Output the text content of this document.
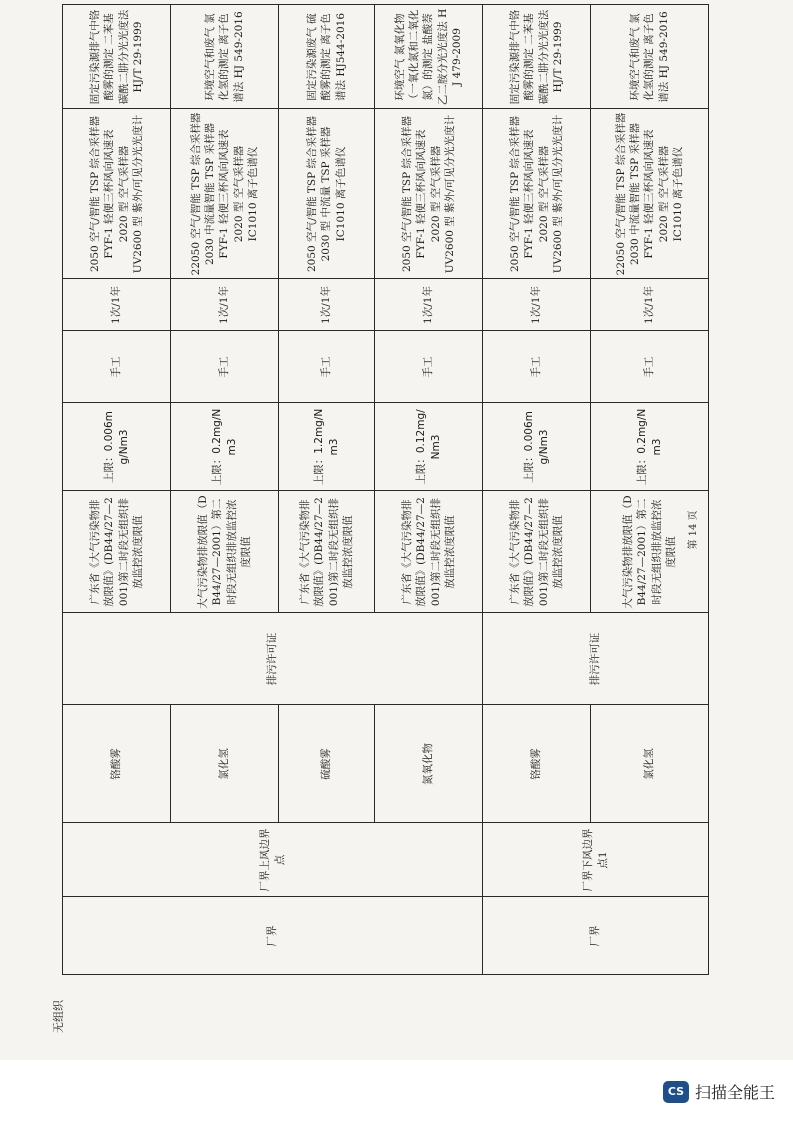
无组织
	厂界	厂界上风边界点	铬酸雾	排污许可证	广东省《大气污染物排放限值》(DB44/27—2001)第二时段无组织排放监控浓度限值	上限：0.006mg/Nm3	手工	1次/1年	2050 空气/智能 TSP 综合采样器 FYF-1 轻便三杯风向风速表 2020 型 空气采样器 UV2600 型 紫外/可见分光光度计	固定污染源排气中铬酸雾的测定 二苯基碳酰二肼分光光度法 HJ/T 29-1999
			氯化氢		大气污染物排放限值（DB44/27—2001）第二时段无组织排放监控浓度限值	上限：0.2mg/Nm3	手工	1次/1年	22050 空气/智能 TSP 综合采样器 2030 中流量智能 TSP 采样器 FYF-1 轻便三杯风向风速表 2020 型 空气采样器 IC1010 离子色谱仪	环境空气和废气 氯化氢的测定 离子色谱法 HJ 549-2016
			硫酸雾		广东省《大气污染物排放限值》(DB44/27—2001)第二时段无组织排放监控浓度限值	上限：1.2mg/Nm3	手工	1次/1年	2050 空气/智能 TSP 综合采样器 2030 型 中流量 TSP 采样器 IC1010 离子色谱仪	固定污染源废气 硫酸雾的测定 离子色谱法 HJ544-2016
			氮氧化物		广东省《大气污染物排放限值》(DB44/27—2001)第二时段无组织排放监控浓度限值	上限：0.12mg/Nm3	手工	1次/1年	2050 空气/智能 TSP 综合采样器 FYF-1 轻便三杯风向风速表 2020 型 空气采样器 UV2600 型 紫外/可见分光光度计	环境空气 氮氧化物（一氧化氮和二氧化氮）的测定 盐酸萘乙二胺分光光度法 HJ 479-2009
	厂界	厂界下风边界点1	铬酸雾	排污许可证	广东省《大气污染物排放限值》(DB44/27—2001)第二时段无组织排放监控浓度限值	上限：0.006mg/Nm3	手工	1次/1年	2050 空气/智能 TSP 综合采样器 FYF-1 轻便三杯风向风速表 2020 型 空气采样器 UV2600 型 紫外/可见分光光度计	固定污染源排气中铬酸雾的测定 二苯基碳酰二肼分光光度法 HJ/T 29-1999
			氯化氢		大气污染物排放限值（DB44/27—2001）第二时段无组织排放监控浓度限值	上限：0.2mg/Nm3	手工	1次/1年	22050 空气/智能 TSP 综合采样器 2030 中流量智能 TSP 采样器 FYF-1 轻便三杯风向风速表 2020 型 空气采样器 IC1010 离子色谱仪	环境空气和废气 氯化氢的测定 离子色谱法 HJ 549-2016
第 14 页
CS 扫描全能王
